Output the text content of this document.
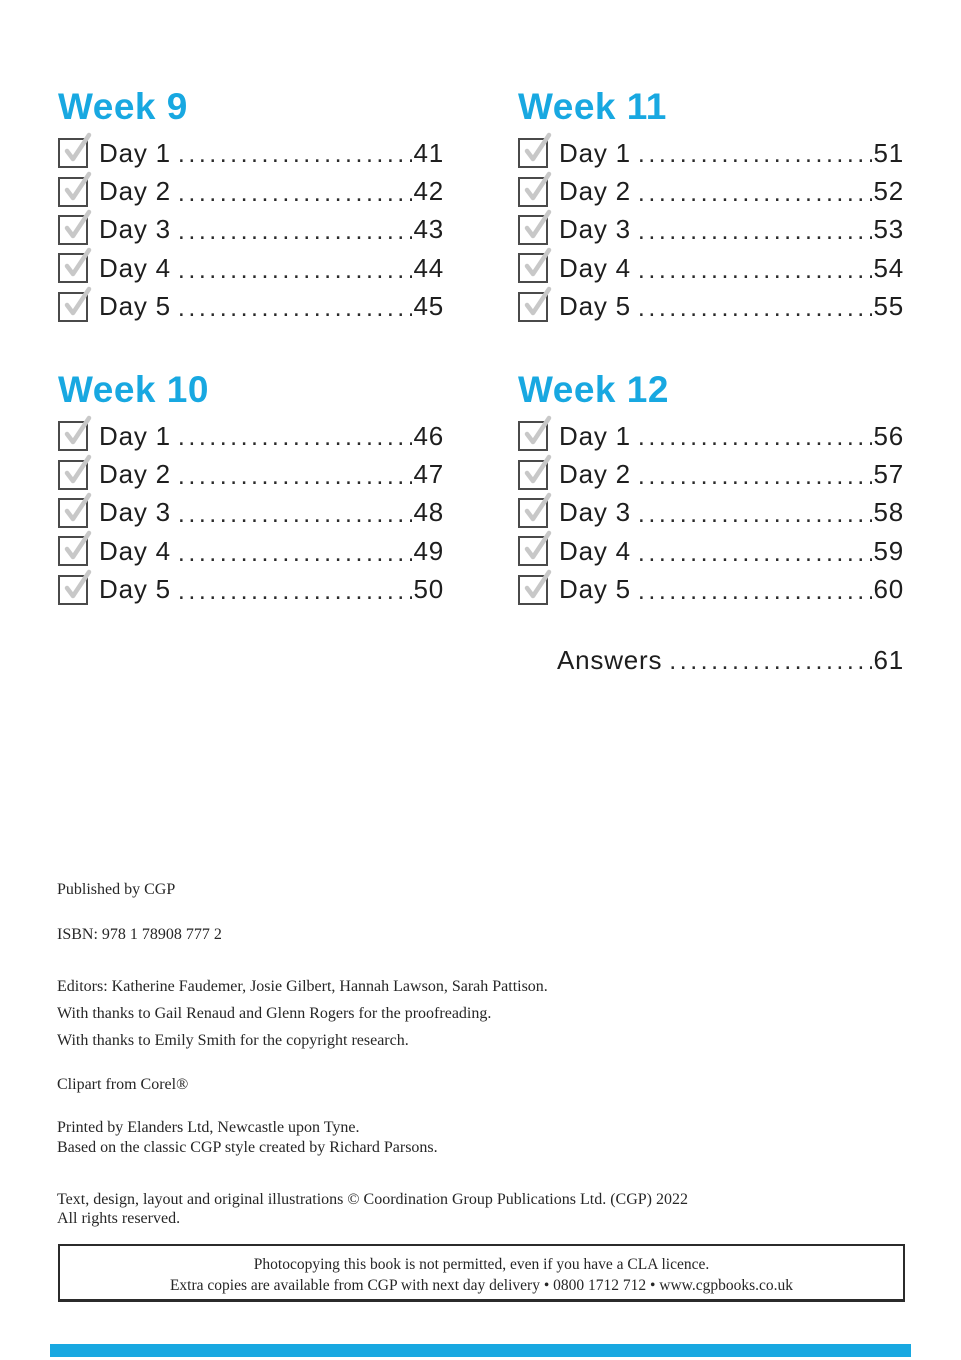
Week 9
Day 1 .....	41
Day 2 .....	42
Day 3 .....	43
Day 4 .....	44
Day 5 .....	45
Week 11
Day 1 .....	51
Day 2 .....	52
Day 3 .....	53
Day 4 .....	54
Day 5 .....	55
Week 10
Day 1 .....	46
Day 2 .....	47
Day 3 .....	48
Day 4 .....	49
Day 5 .....	50
Week 12
Day 1 .....	56
Day 2 .....	57
Day 3 .....	58
Day 4 .....	59
Day 5 .....	60
Answers .....	61
Published by CGP
ISBN: 978 1 78908 777 2
Editors: Katherine Faudemer, Josie Gilbert, Hannah Lawson, Sarah Pattison.
With thanks to Gail Renaud and Glenn Rogers for the proofreading.
With thanks to Emily Smith for the copyright research.
Clipart from Corel®
Printed by Elanders Ltd, Newcastle upon Tyne.
Based on the classic CGP style created by Richard Parsons.
Text, design, layout and original illustrations © Coordination Group Publications Ltd. (CGP) 2022
All rights reserved.
Photocopying this book is not permitted, even if you have a CLA licence.
Extra copies are available from CGP with next day delivery • 0800 1712 712 • www.cgpbooks.co.uk
